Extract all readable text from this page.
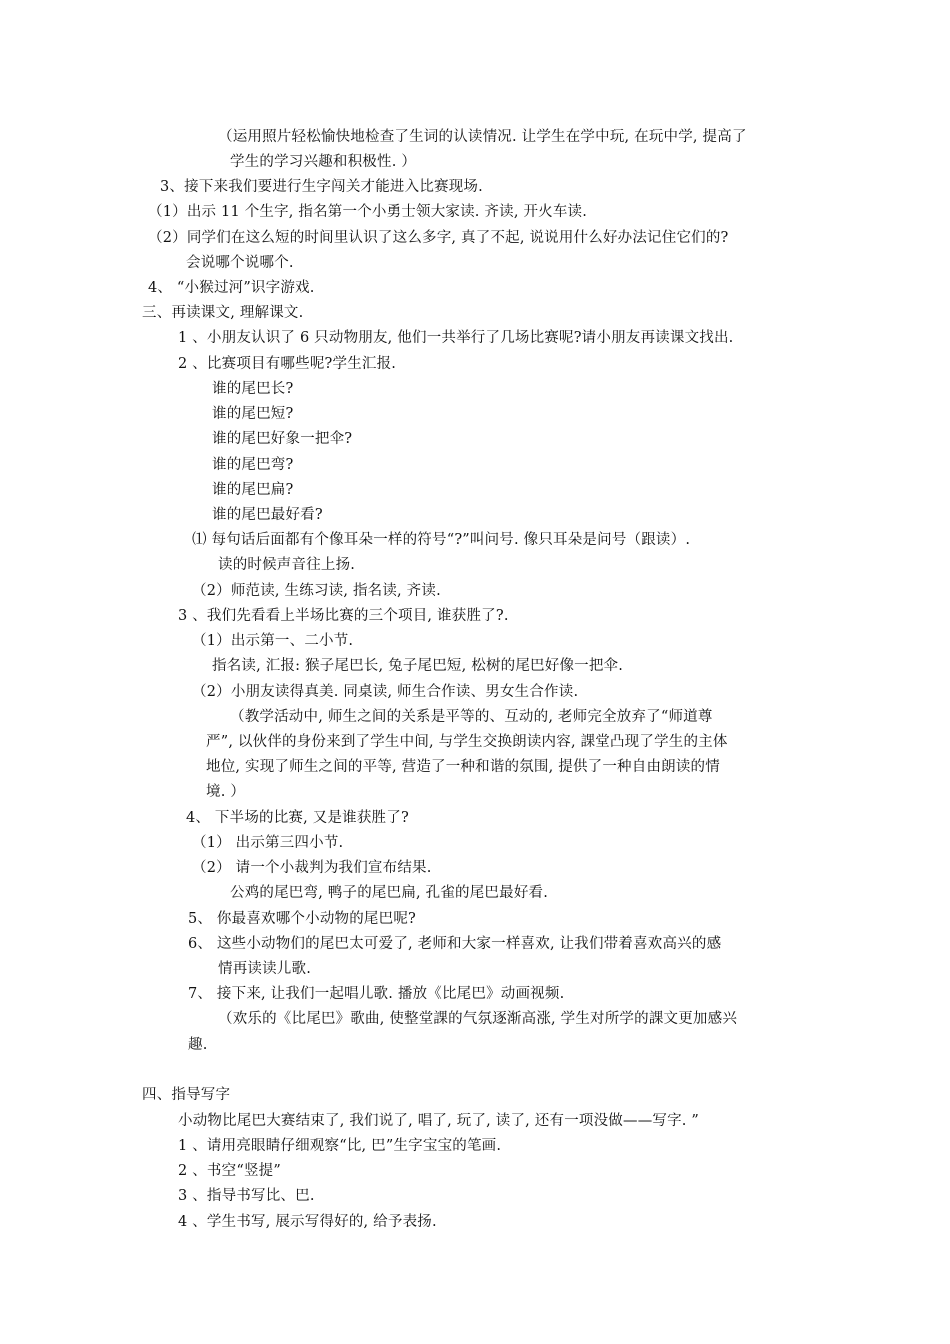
（运用照片轻松愉快地检查了生词的认读情况. 让学生在学中玩, 在玩中学, 提高了
学生的学习兴趣和积极性. ）
3、接下来我们要进行生字闯关才能进入比赛现场.
（1）出示 11 个生字, 指名第一个小勇士领大家读. 齐读, 开火车读.
（2）同学们在这么短的时间里认识了这么多字, 真了不起, 说说用什么好办法记住它们的?
会说哪个说哪个.
4、 “小猴过河”识字游戏.
三、再读课文, 理解课文.
1 、小朋友认识了 6 只动物朋友, 他们一共举行了几场比赛呢?请小朋友再读课文找出.
2 、比赛项目有哪些呢?学生汇报.
谁的尾巴长?
谁的尾巴短?
谁的尾巴好象一把伞?
谁的尾巴弯?
谁的尾巴扁?
谁的尾巴最好看?
⑴ 每句话后面都有个像耳朵一样的符号“?”叫问号. 像只耳朵是问号（跟读）.
读的时候声音往上扬.
（2）师范读, 生练习读, 指名读, 齐读.
3 、我们先看看上半场比赛的三个项目, 谁获胜了?.
（1）出示第一、二小节.
指名读, 汇报: 猴子尾巴长, 兔子尾巴短, 松树的尾巴好像一把伞.
（2）小朋友读得真美. 同桌读, 师生合作读、男女生合作读.
（教学活动中, 师生之间的关系是平等的、互动的, 老师完全放弃了“师道尊
严”, 以伙伴的身份来到了学生中间, 与学生交换朗读内容, 課堂凸现了学生的主体
地位, 实现了师生之间的平等, 营造了一种和谐的氛围, 提供了一种自由朗读的情
境. ）
4、 下半场的比赛, 又是谁获胜了?
（1） 出示第三四小节.
（2） 请一个小裁判为我们宣布结果.
公鸡的尾巴弯, 鸭子的尾巴扁, 孔雀的尾巴最好看.
5、 你最喜欢哪个小动物的尾巴呢?
6、 这些小动物们的尾巴太可爱了, 老师和大家一样喜欢, 让我们带着喜欢高兴的感
情再读读儿歌.
7、 接下来, 让我们一起唱儿歌. 播放《比尾巴》动画视频.
（欢乐的《比尾巴》歌曲, 使整堂課的气氛逐渐高涨, 学生对所学的課文更加感兴
趣.
四、指导写字
小动物比尾巴大赛结束了, 我们说了, 唱了, 玩了, 读了, 还有一项没做——写字. ”
1 、请用亮眼睛仔细观察“比, 巴”生字宝宝的笔画.
2 、书空“竖提”
3 、指导书写比、巴.
4 、学生书写, 展示写得好的, 给予表扬.
